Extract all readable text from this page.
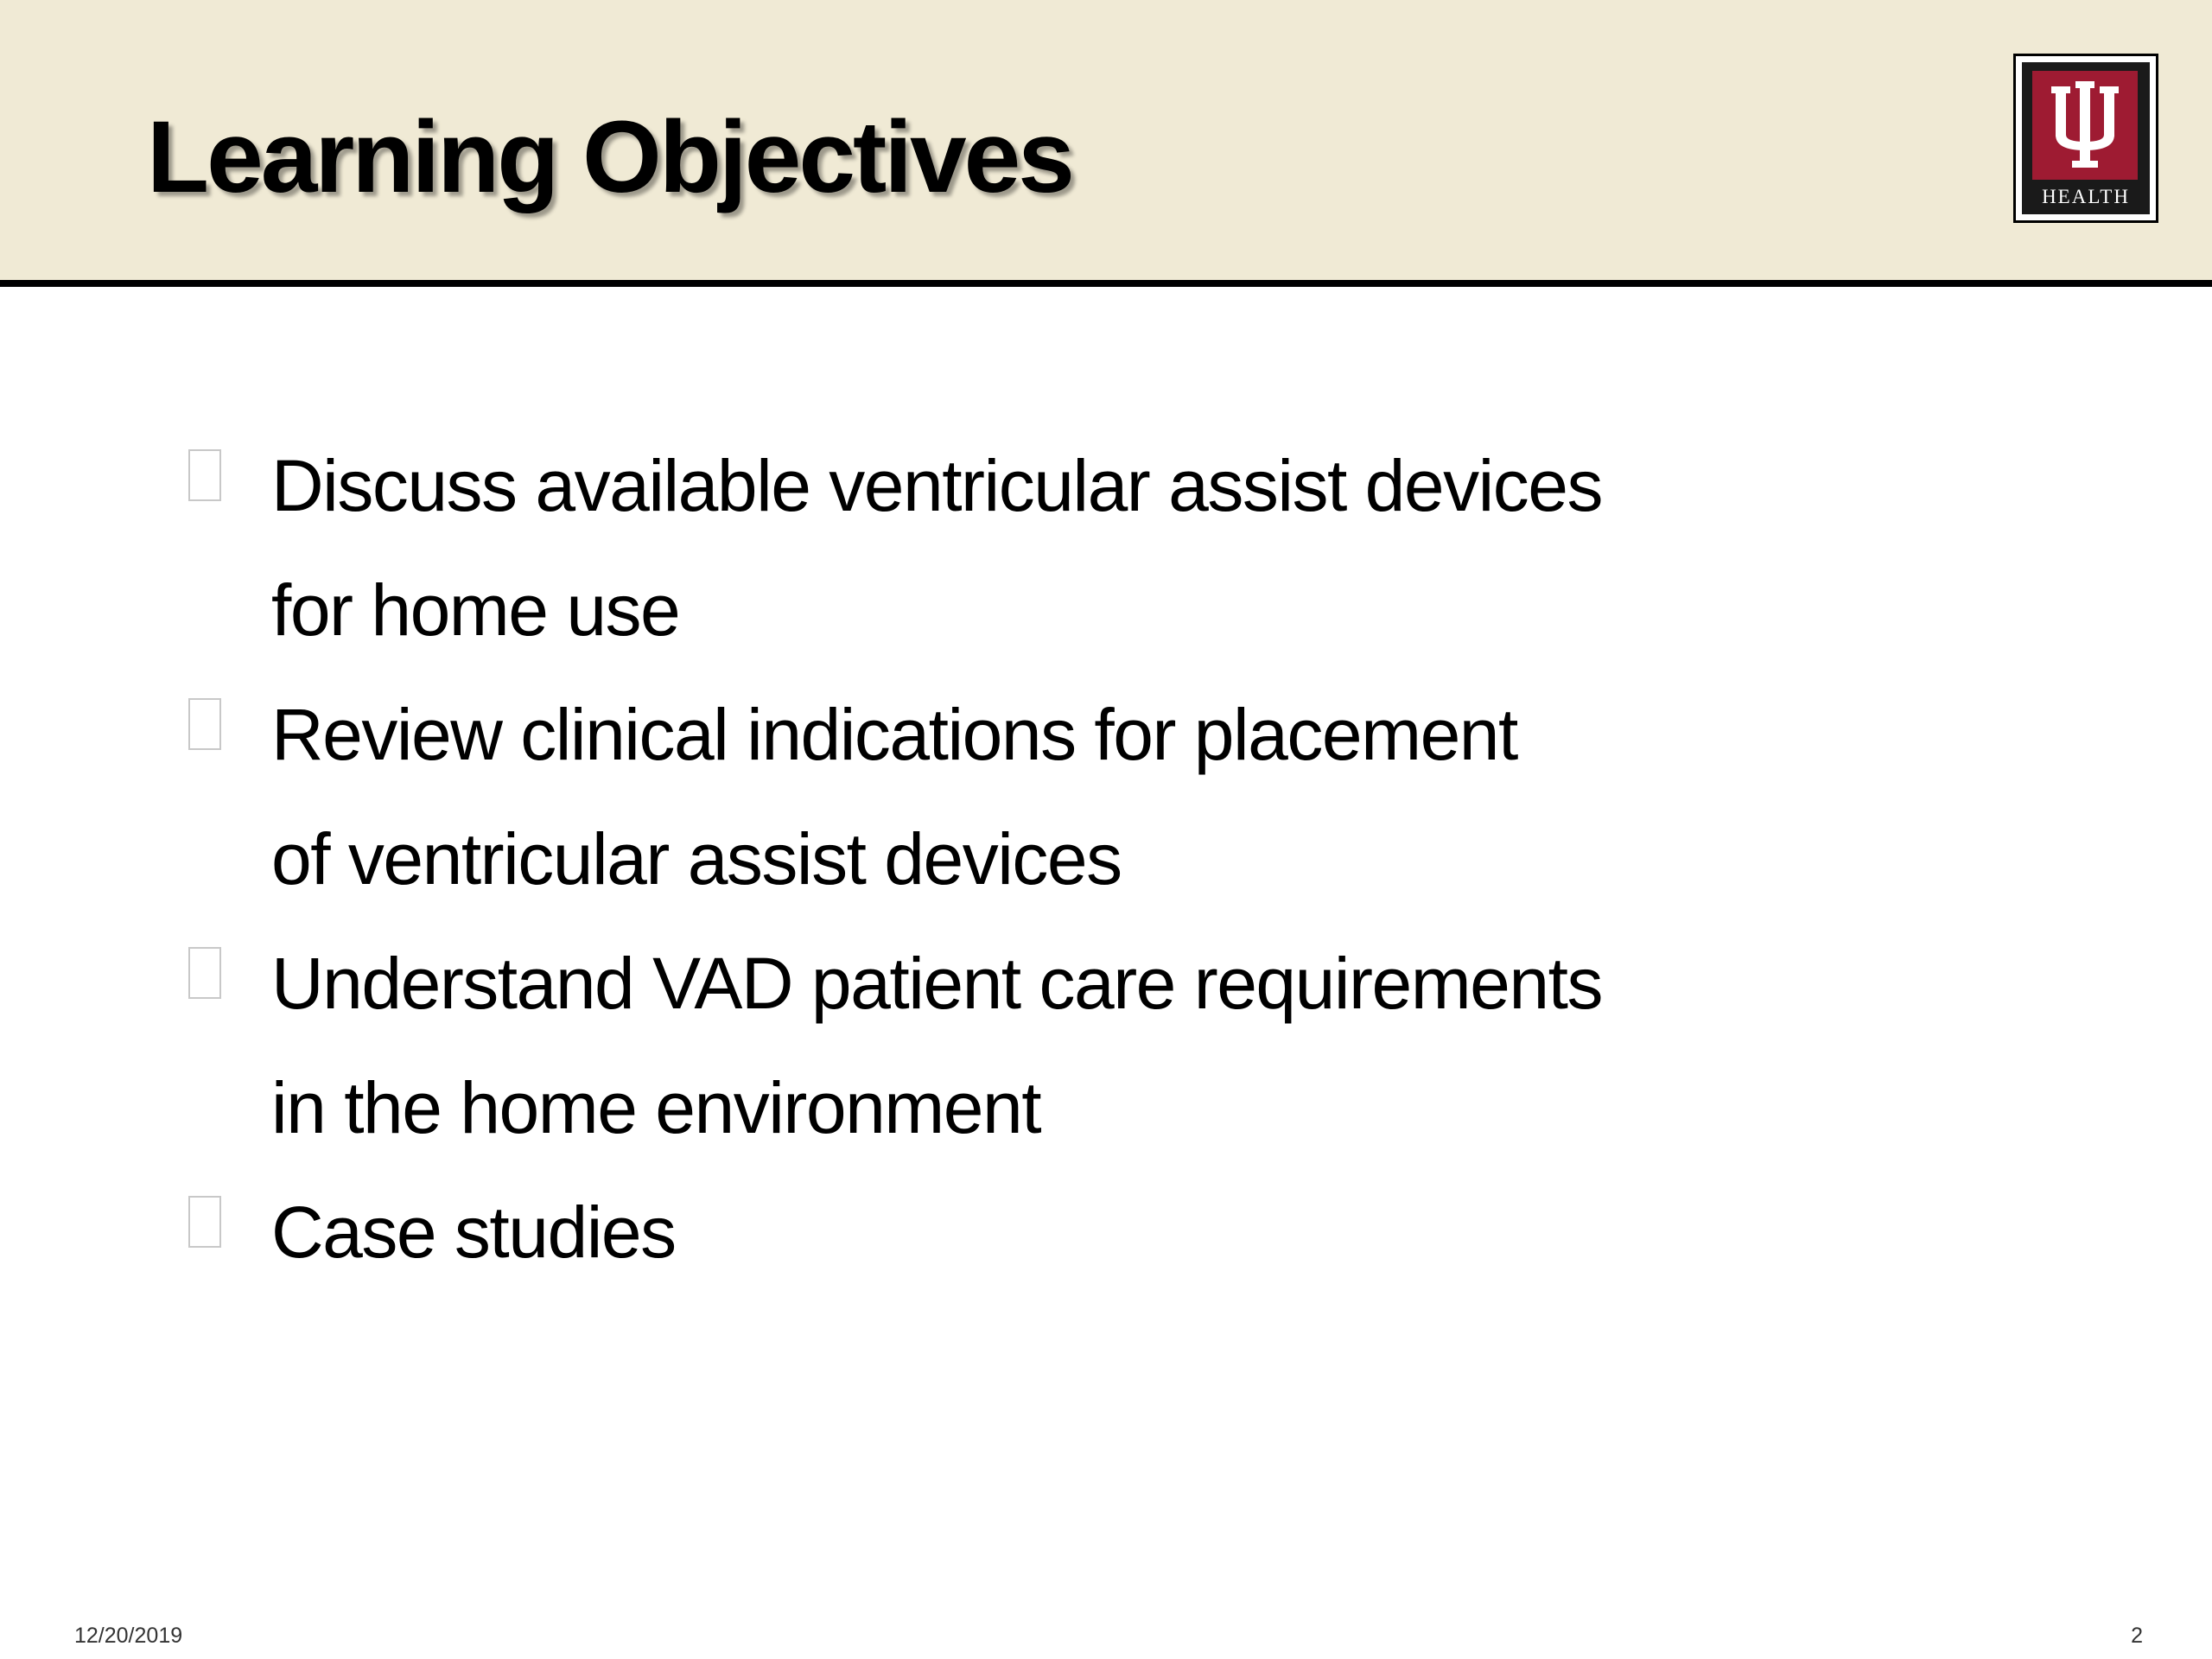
Learning Objectives	HEALTH
Discuss available ventricular assist devices
for home use
Review clinical indications for placement
of ventricular assist devices
Understand VAD patient care requirements
in the home environment
Case studies
12/20/2019	2
